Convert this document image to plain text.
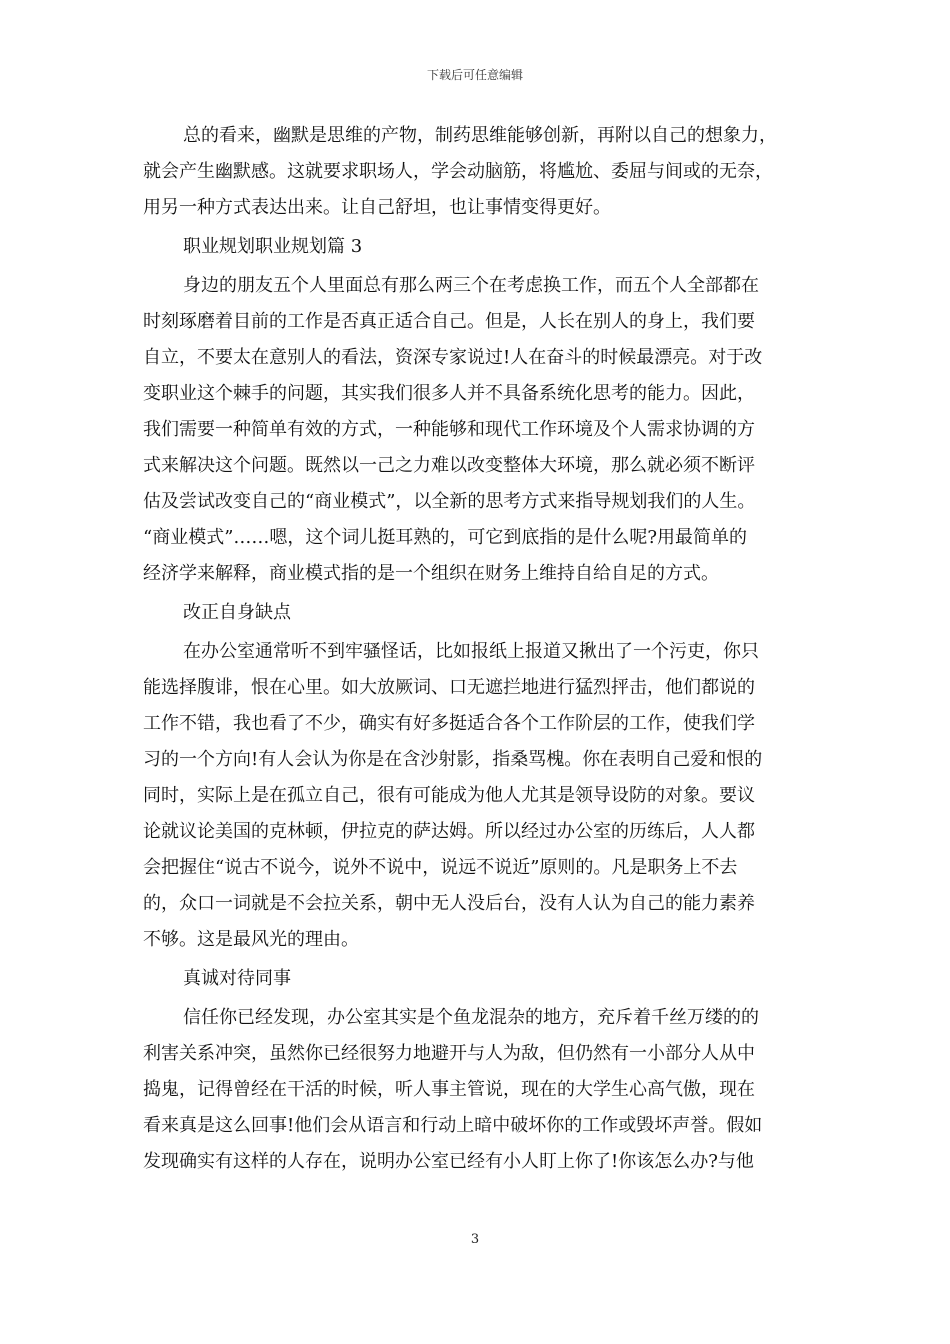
下载后可任意编辑
总的看来，幽默是思维的产物，制药思维能够创新，再附以自己的想象力，
就会产生幽默感。这就要求职场人，学会动脑筋，将尴尬、委屈与间或的无奈，
用另一种方式表达出来。让自己舒坦，也让事情变得更好。
职业规划职业规划篇 3
身边的朋友五个人里面总有那么两三个在考虑换工作，而五个人全部都在
时刻琢磨着目前的工作是否真正适合自己。但是，人长在别人的身上，我们要
自立，不要太在意别人的看法，资深专家说过!人在奋斗的时候最漂亮。对于改
变职业这个棘手的问题，其实我们很多人并不具备系统化思考的能力。因此，
我们需要一种简单有效的方式，一种能够和现代工作环境及个人需求协调的方
式来解决这个问题。既然以一己之力难以改变整体大环境，那么就必须不断评
估及尝试改变自己的“商业模式”，以全新的思考方式来指导规划我们的人生。
“商业模式”……嗯，这个词儿挺耳熟的，可它到底指的是什么呢?用最简单的
经济学来解释，商业模式指的是一个组织在财务上维持自给自足的方式。
改正自身缺点
在办公室通常听不到牢骚怪话，比如报纸上报道又揪出了一个污吏，你只
能选择腹诽，恨在心里。如大放厥词、口无遮拦地进行猛烈抨击，他们都说的
工作不错，我也看了不少，确实有好多挺适合各个工作阶层的工作，使我们学
习的一个方向!有人会认为你是在含沙射影，指桑骂槐。你在表明自己爱和恨的
同时，实际上是在孤立自己，很有可能成为他人尤其是领导设防的对象。要议
论就议论美国的克林顿，伊拉克的萨达姆。所以经过办公室的历练后，人人都
会把握住“说古不说今，说外不说中，说远不说近”原则的。凡是职务上不去
的，众口一词就是不会拉关系，朝中无人没后台，没有人认为自己的能力素养
不够。这是最风光的理由。
真诚对待同事
信任你已经发现，办公室其实是个鱼龙混杂的地方，充斥着千丝万缕的的
利害关系冲突，虽然你已经很努力地避开与人为敌，但仍然有一小部分人从中
捣鬼，记得曾经在干活的时候，听人事主管说，现在的大学生心高气傲，现在
看来真是这么回事!他们会从语言和行动上暗中破坏你的工作或毁坏声誉。假如
发现确实有这样的人存在，说明办公室已经有小人盯上你了!你该怎么办?与他
3
